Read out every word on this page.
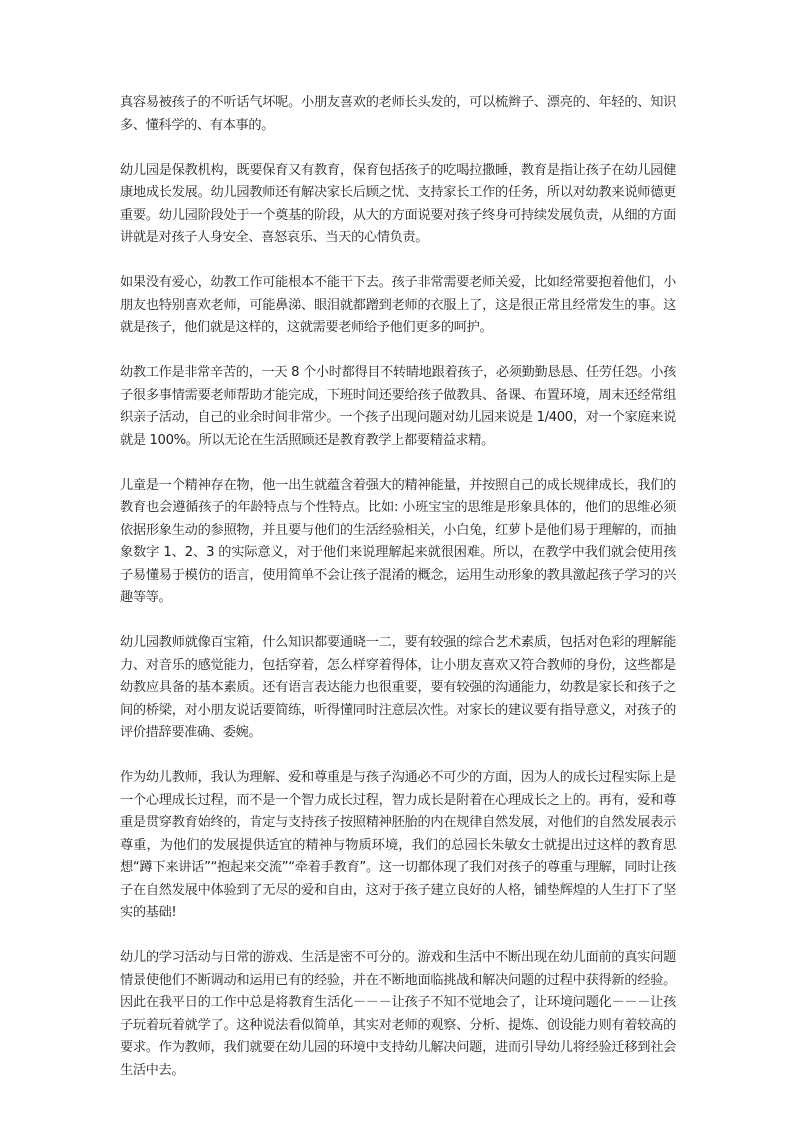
真容易被孩子的不听话气坏呢。小朋友喜欢的老师长头发的，可以梳辫子、漂亮的、年轻的、知识多、懂科学的、有本事的。

幼儿园是保教机构，既要保育又有教育，保育包括孩子的吃喝拉撒睡，教育是指让孩子在幼儿园健康地成长发展。幼儿园教师还有解决家长后顾之忧、支持家长工作的任务，所以对幼教来说师德更重要。幼儿园阶段处于一个奠基的阶段，从大的方面说要对孩子终身可持续发展负责，从细的方面讲就是对孩子人身安全、喜怒哀乐、当天的心情负责。

如果没有爱心，幼教工作可能根本不能干下去。孩子非常需要老师关爱，比如经常要抱着他们，小朋友也特别喜欢老师，可能鼻涕、眼泪就都蹭到老师的衣服上了，这是很正常且经常发生的事。这就是孩子，他们就是这样的，这就需要老师给予他们更多的呵护。

幼教工作是非常辛苦的，一天 8 个小时都得目不转睛地跟着孩子，必须勤勤恳恳、任劳任怨。小孩子很多事情需要老师帮助才能完成，下班时间还要给孩子做教具、备课、布置环境，周末还经常组织亲子活动，自己的业余时间非常少。一个孩子出现问题对幼儿园来说是 1/400，对一个家庭来说就是 100%。所以无论在生活照顾还是教育教学上都要精益求精。

儿童是一个精神存在物，他一出生就蕴含着强大的精神能量，并按照自己的成长规律成长，我们的教育也会遵循孩子的年龄特点与个性特点。比如: 小班宝宝的思维是形象具体的，他们的思维必须依据形象生动的参照物，并且要与他们的生活经验相关，小白兔，红萝卜是他们易于理解的，而抽象数字 1、2、3 的实际意义，对于他们来说理解起来就很困难。所以，在教学中我们就会使用孩子易懂易于模仿的语言，使用简单不会让孩子混淆的概念，运用生动形象的教具激起孩子学习的兴趣等等。

幼儿园教师就像百宝箱，什么知识都要通晓一二，要有较强的综合艺术素质，包括对色彩的理解能力、对音乐的感觉能力，包括穿着，怎么样穿着得体，让小朋友喜欢又符合教师的身份，这些都是幼教应具备的基本素质。还有语言表达能力也很重要，要有较强的沟通能力，幼教是家长和孩子之间的桥梁，对小朋友说话要简练，听得懂同时注意层次性。对家长的建议要有指导意义，对孩子的评价措辞要准确、委婉。

作为幼儿教师，我认为理解、爱和尊重是与孩子沟通必不可少的方面，因为人的成长过程实际上是一个心理成长过程，而不是一个智力成长过程，智力成长是附着在心理成长之上的。再有，爱和尊重是贯穿教育始终的，肯定与支持孩子按照精神胚胎的内在规律自然发展，对他们的自然发展表示尊重，为他们的发展提供适宜的精神与物质环境，我们的总园长朱敏女士就提出过这样的教育思想“蹲下来讲话”“抱起来交流”“牵着手教育”。这一切都体现了我们对孩子的尊重与理解，同时让孩子在自然发展中体验到了无尽的爱和自由，这对于孩子建立良好的人格，铺垫辉煌的人生打下了坚实的基础!

幼儿的学习活动与日常的游戏、生活是密不可分的。游戏和生活中不断出现在幼儿面前的真实问题情景使他们不断调动和运用已有的经验，并在不断地面临挑战和解决问题的过程中获得新的经验。因此在我平日的工作中总是将教育生活化－－－让孩子不知不觉地会了，让环境问题化－－－让孩子玩着玩着就学了。这种说法看似简单，其实对老师的观察、分析、提炼、创设能力则有着较高的要求。作为教师，我们就要在幼儿园的环境中支持幼儿解决问题，进而引导幼儿将经验迁移到社会生活中去。
